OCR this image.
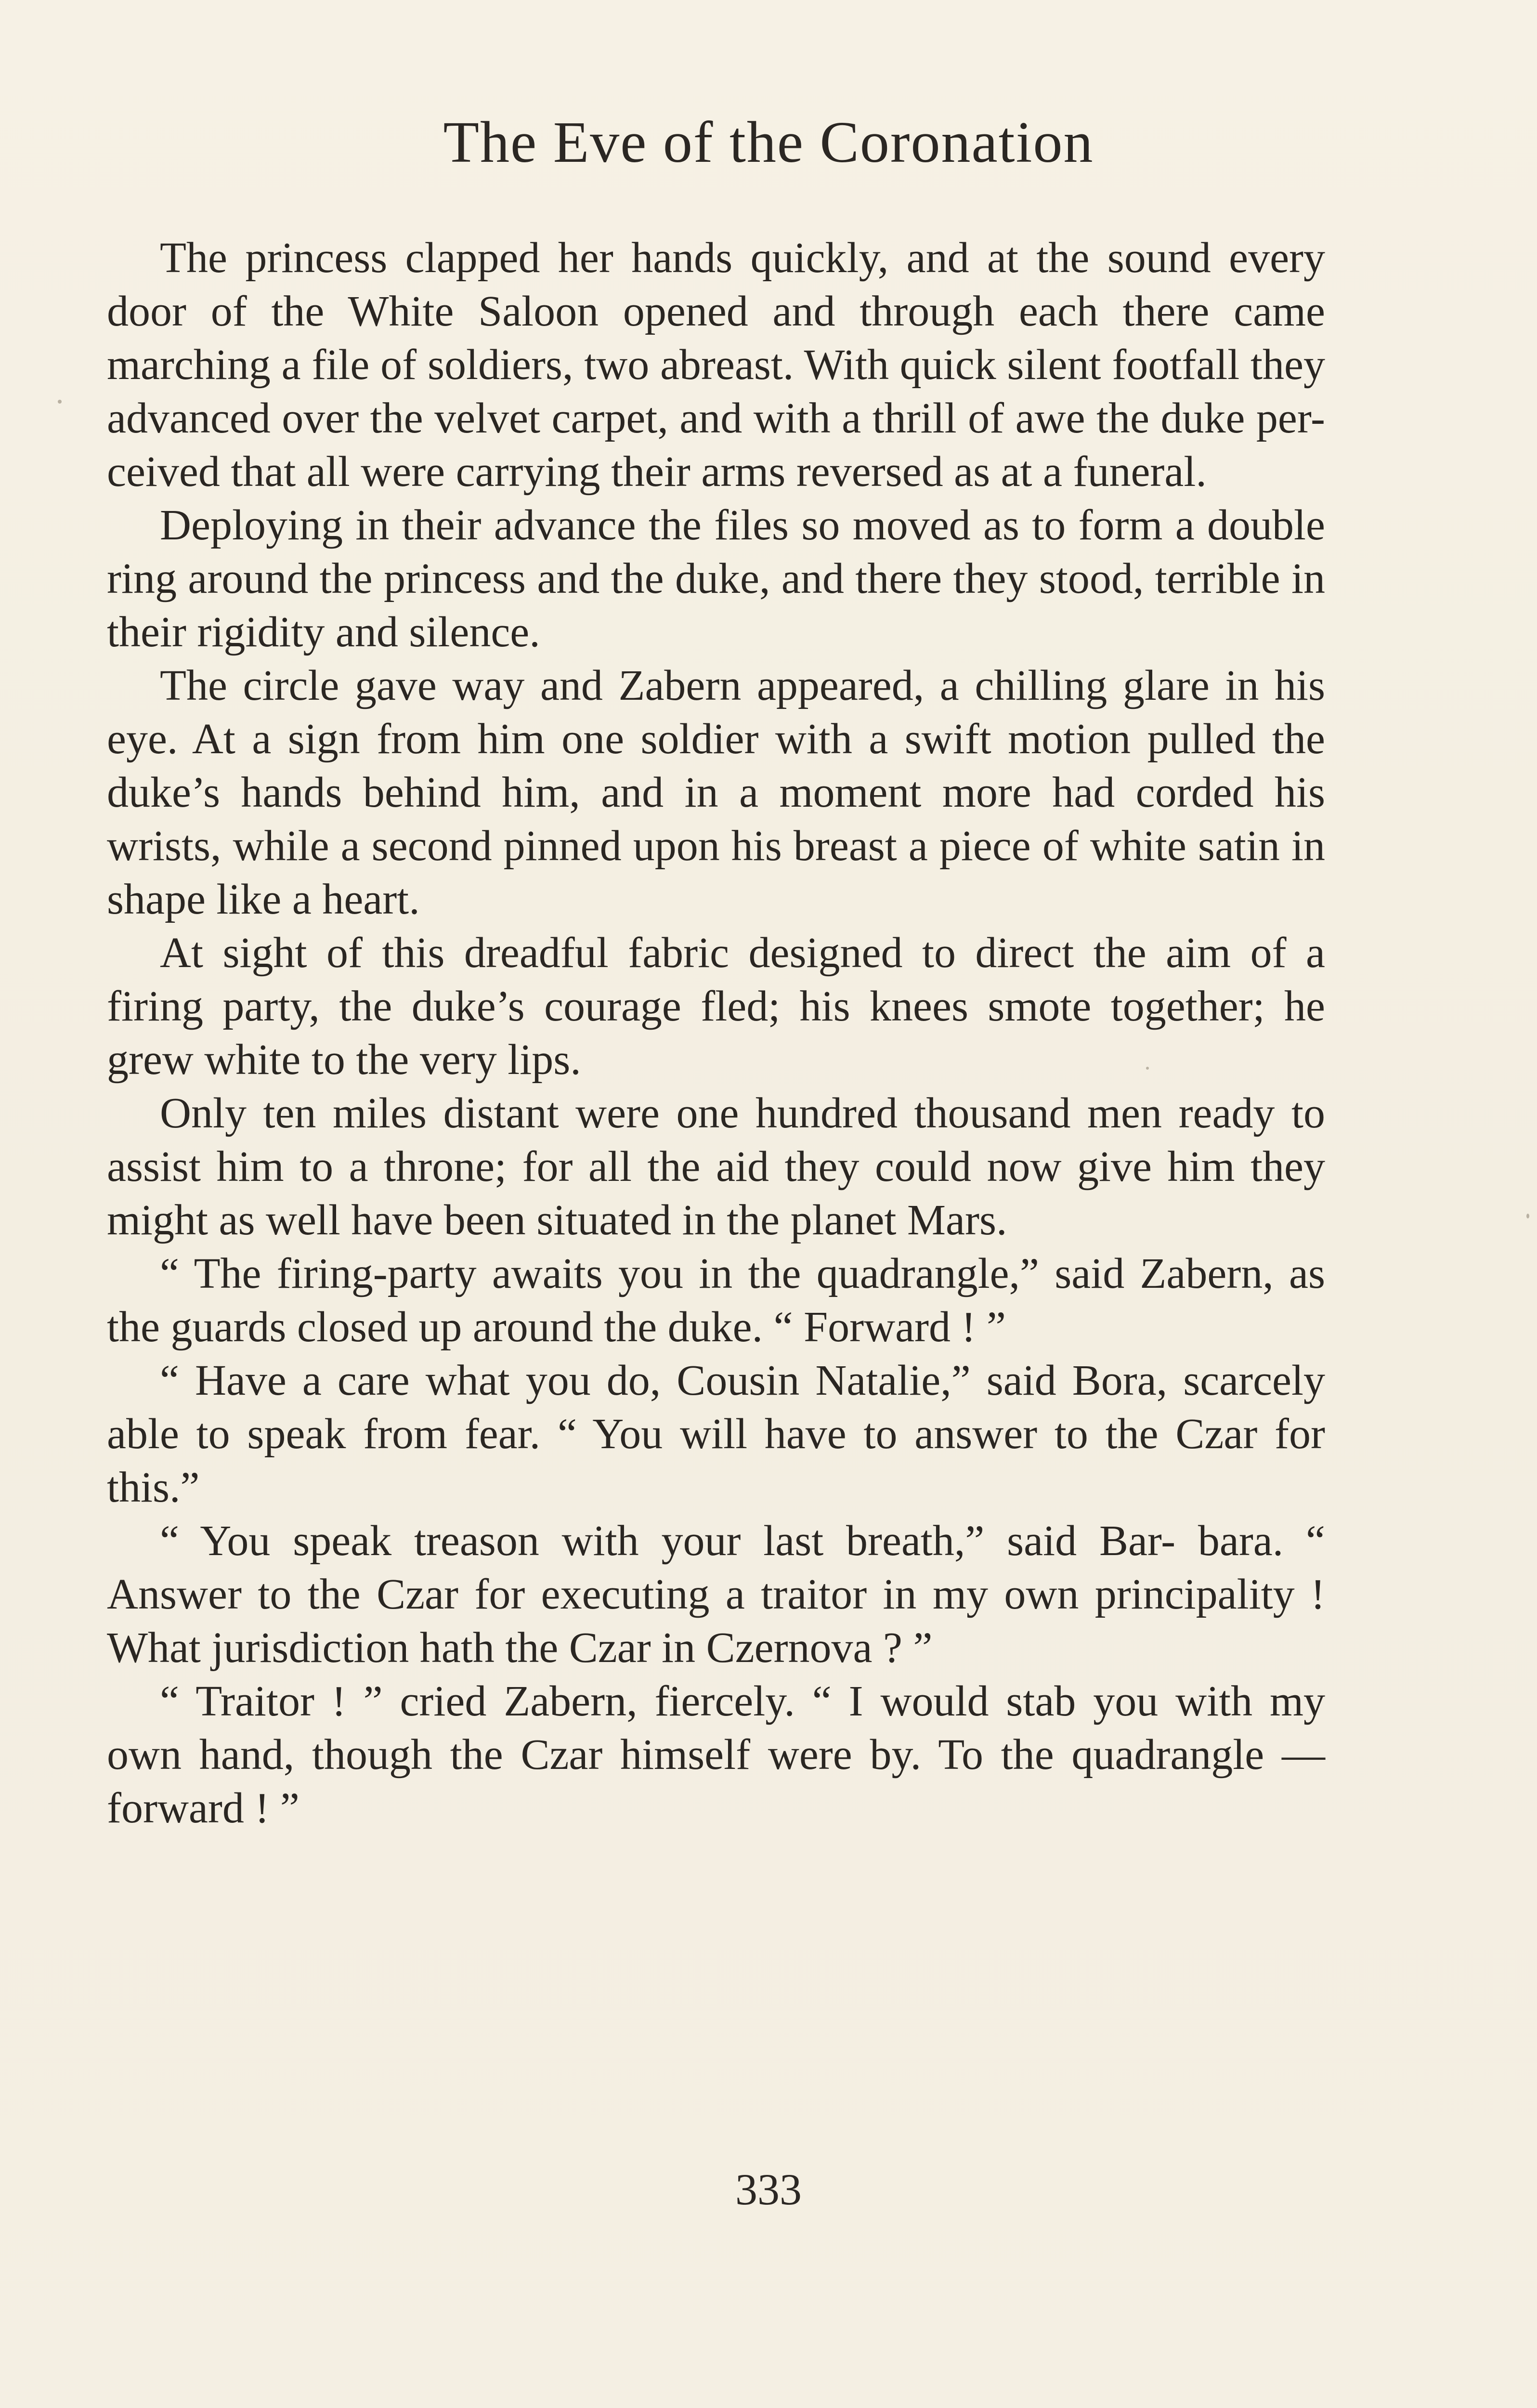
The Eve of the Coronation

The princess clapped her hands quickly, and at the sound every door of the White Saloon opened and through each there came marching a file of soldiers, two abreast. With quick silent footfall they advanced over the velvet carpet, and with a thrill of awe the duke per- ceived that all were carrying their arms reversed as at a funeral.

Deploying in their advance the files so moved as to form a double ring around the princess and the duke, and there they stood, terrible in their rigidity and silence.

The circle gave way and Zabern appeared, a chilling glare in his eye. At a sign from him one soldier with a swift motion pulled the duke’s hands behind him, and in a moment more had corded his wrists, while a second pinned upon his breast a piece of white satin in shape like a heart.

At sight of this dreadful fabric designed to direct the aim of a firing party, the duke’s courage fled; his knees smote together; he grew white to the very lips.

Only ten miles distant were one hundred thousand men ready to assist him to a throne; for all the aid they could now give him they might as well have been situated in the planet Mars.

“ The firing-party awaits you in the quadrangle,” said Zabern, as the guards closed up around the duke. “ Forward ! ”

“ Have a care what you do, Cousin Natalie,” said Bora, scarcely able to speak from fear. “ You will have to answer to the Czar for this.”

“ You speak treason with your last breath,” said Bar- bara. “ Answer to the Czar for executing a traitor in my own principality ! What jurisdiction hath the Czar in Czernova ? ”

“ Traitor ! ” cried Zabern, fiercely. “ I would stab you with my own hand, though the Czar himself were by. To the quadrangle — forward ! ”

333
